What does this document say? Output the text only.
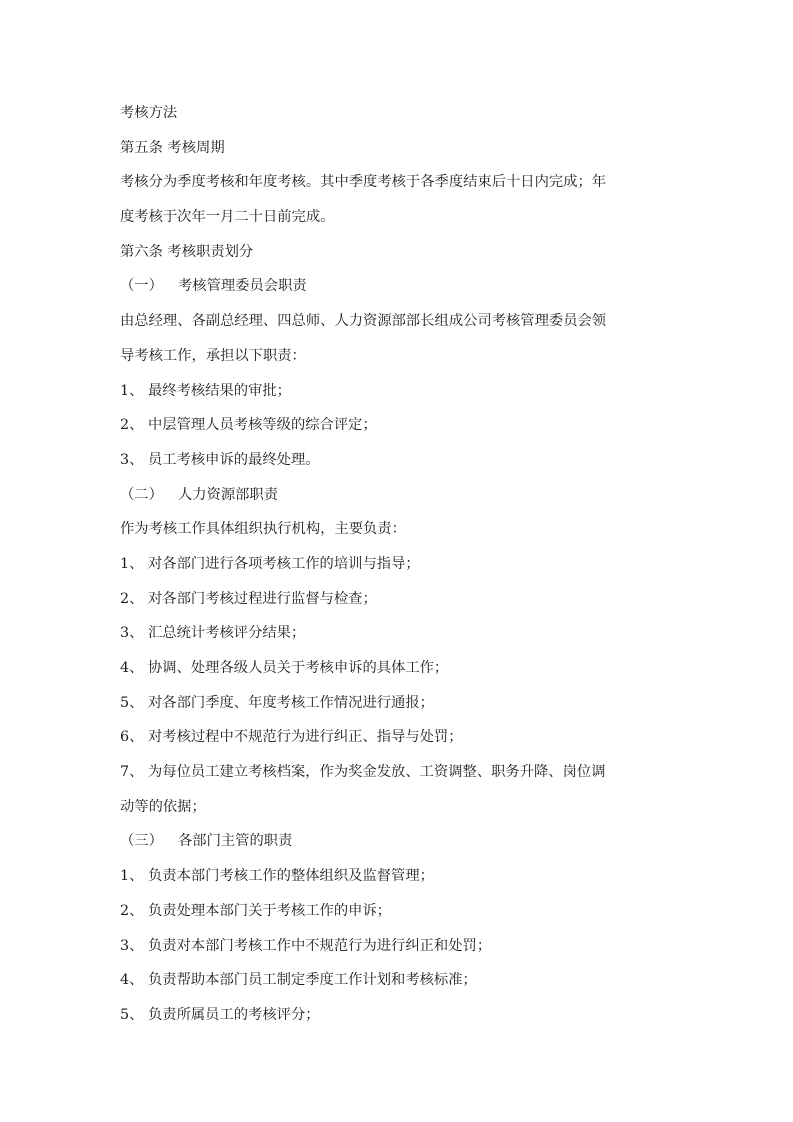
考核方法
第五条 考核周期
考核分为季度考核和年度考核。其中季度考核于各季度结束后十日内完成；年
度考核于次年一月二十日前完成。
第六条 考核职责划分
（一） 考核管理委员会职责
由总经理、各副总经理、四总师、人力资源部部长组成公司考核管理委员会领
导考核工作，承担以下职责：
1、 最终考核结果的审批；
2、 中层管理人员考核等级的综合评定；
3、 员工考核申诉的最终处理。
（二） 人力资源部职责
作为考核工作具体组织执行机构，主要负责：
1、 对各部门进行各项考核工作的培训与指导；
2、 对各部门考核过程进行监督与检查；
3、 汇总统计考核评分结果；
4、 协调、处理各级人员关于考核申诉的具体工作；
5、 对各部门季度、年度考核工作情况进行通报；
6、 对考核过程中不规范行为进行纠正、指导与处罚；
7、 为每位员工建立考核档案，作为奖金发放、工资调整、职务升降、岗位调
动等的依据；
（三） 各部门主管的职责
1、 负责本部门考核工作的整体组织及监督管理；
2、 负责处理本部门关于考核工作的申诉；
3、 负责对本部门考核工作中不规范行为进行纠正和处罚；
4、 负责帮助本部门员工制定季度工作计划和考核标准；
5、 负责所属员工的考核评分；
